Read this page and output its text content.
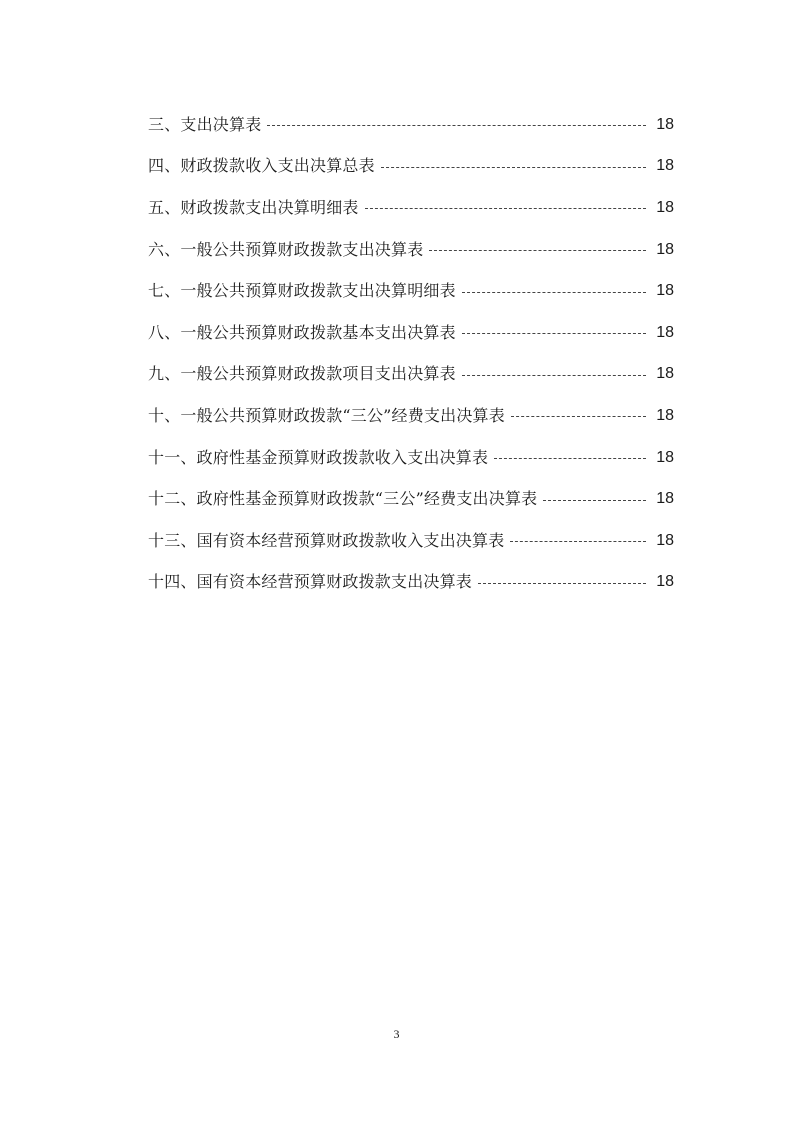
三、支出决算表	18
四、财政拨款收入支出决算总表	18
五、财政拨款支出决算明细表	18
六、一般公共预算财政拨款支出决算表	18
七、一般公共预算财政拨款支出决算明细表	18
八、一般公共预算财政拨款基本支出决算表	18
九、一般公共预算财政拨款项目支出决算表	18
十、一般公共预算财政拨款“三公”经费支出决算表	18
十一、政府性基金预算财政拨款收入支出决算表	18
十二、政府性基金预算财政拨款“三公”经费支出决算表	18
十三、国有资本经营预算财政拨款收入支出决算表	18
十四、国有资本经营预算财政拨款支出决算表	18
3
